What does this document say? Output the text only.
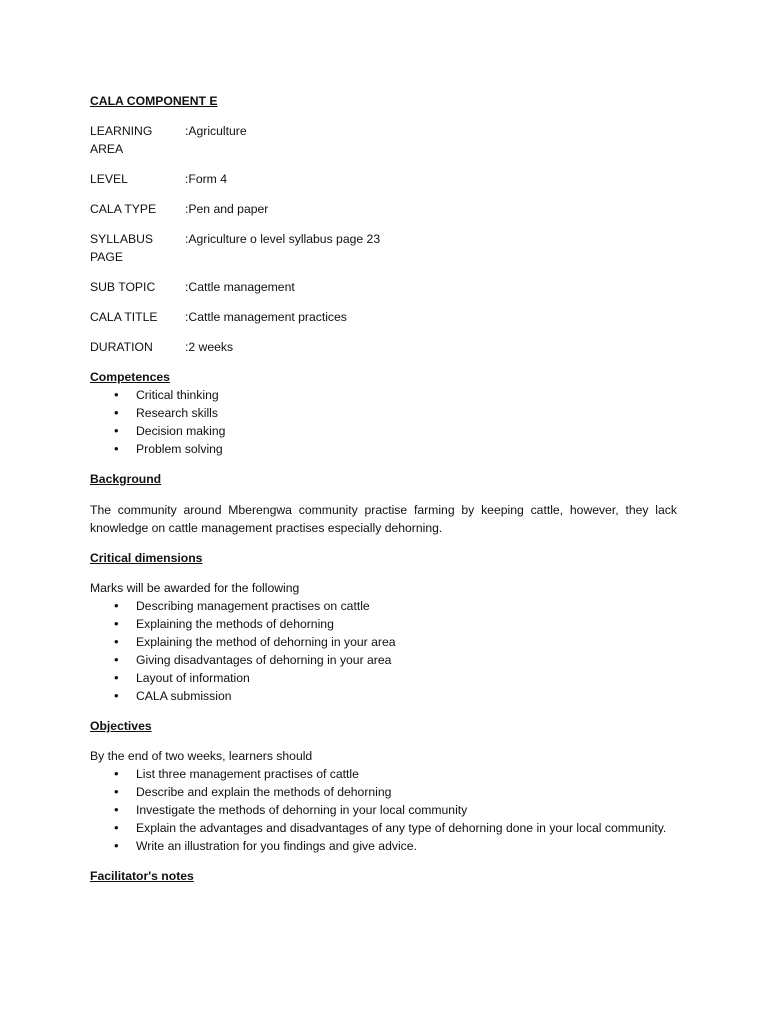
CALA COMPONENT E

LEARNING AREA
:Agriculture
LEVEL	:Form 4
CALA TYPE	:Pen and paper
SYLLABUS PAGE
:Agriculture o level syllabus page 23
SUB TOPIC	:Cattle management
CALA TITLE	:Cattle management practices
DURATION	:2 weeks

Competences

• Critical thinking
• Research skills
• Decision making
• Problem solving

Background

The community around Mberengwa community practise farming by keeping cattle, however, they lack knowledge on cattle management practises especially dehorning.

Critical dimensions

Marks will be awarded for the following

• Describing management practises on cattle
• Explaining the methods of dehorning
• Explaining the method of dehorning in your area
• Giving disadvantages of dehorning in your area
• Layout of information
• CALA submission

Objectives

By the end of two weeks, learners should

• List three management practises of cattle
• Describe and explain the methods of dehorning
• Investigate the methods of dehorning in your local community
• Explain the advantages and disadvantages of any type of dehorning done in your local community.
• Write an illustration for you findings and give advice.

Facilitator's notes
